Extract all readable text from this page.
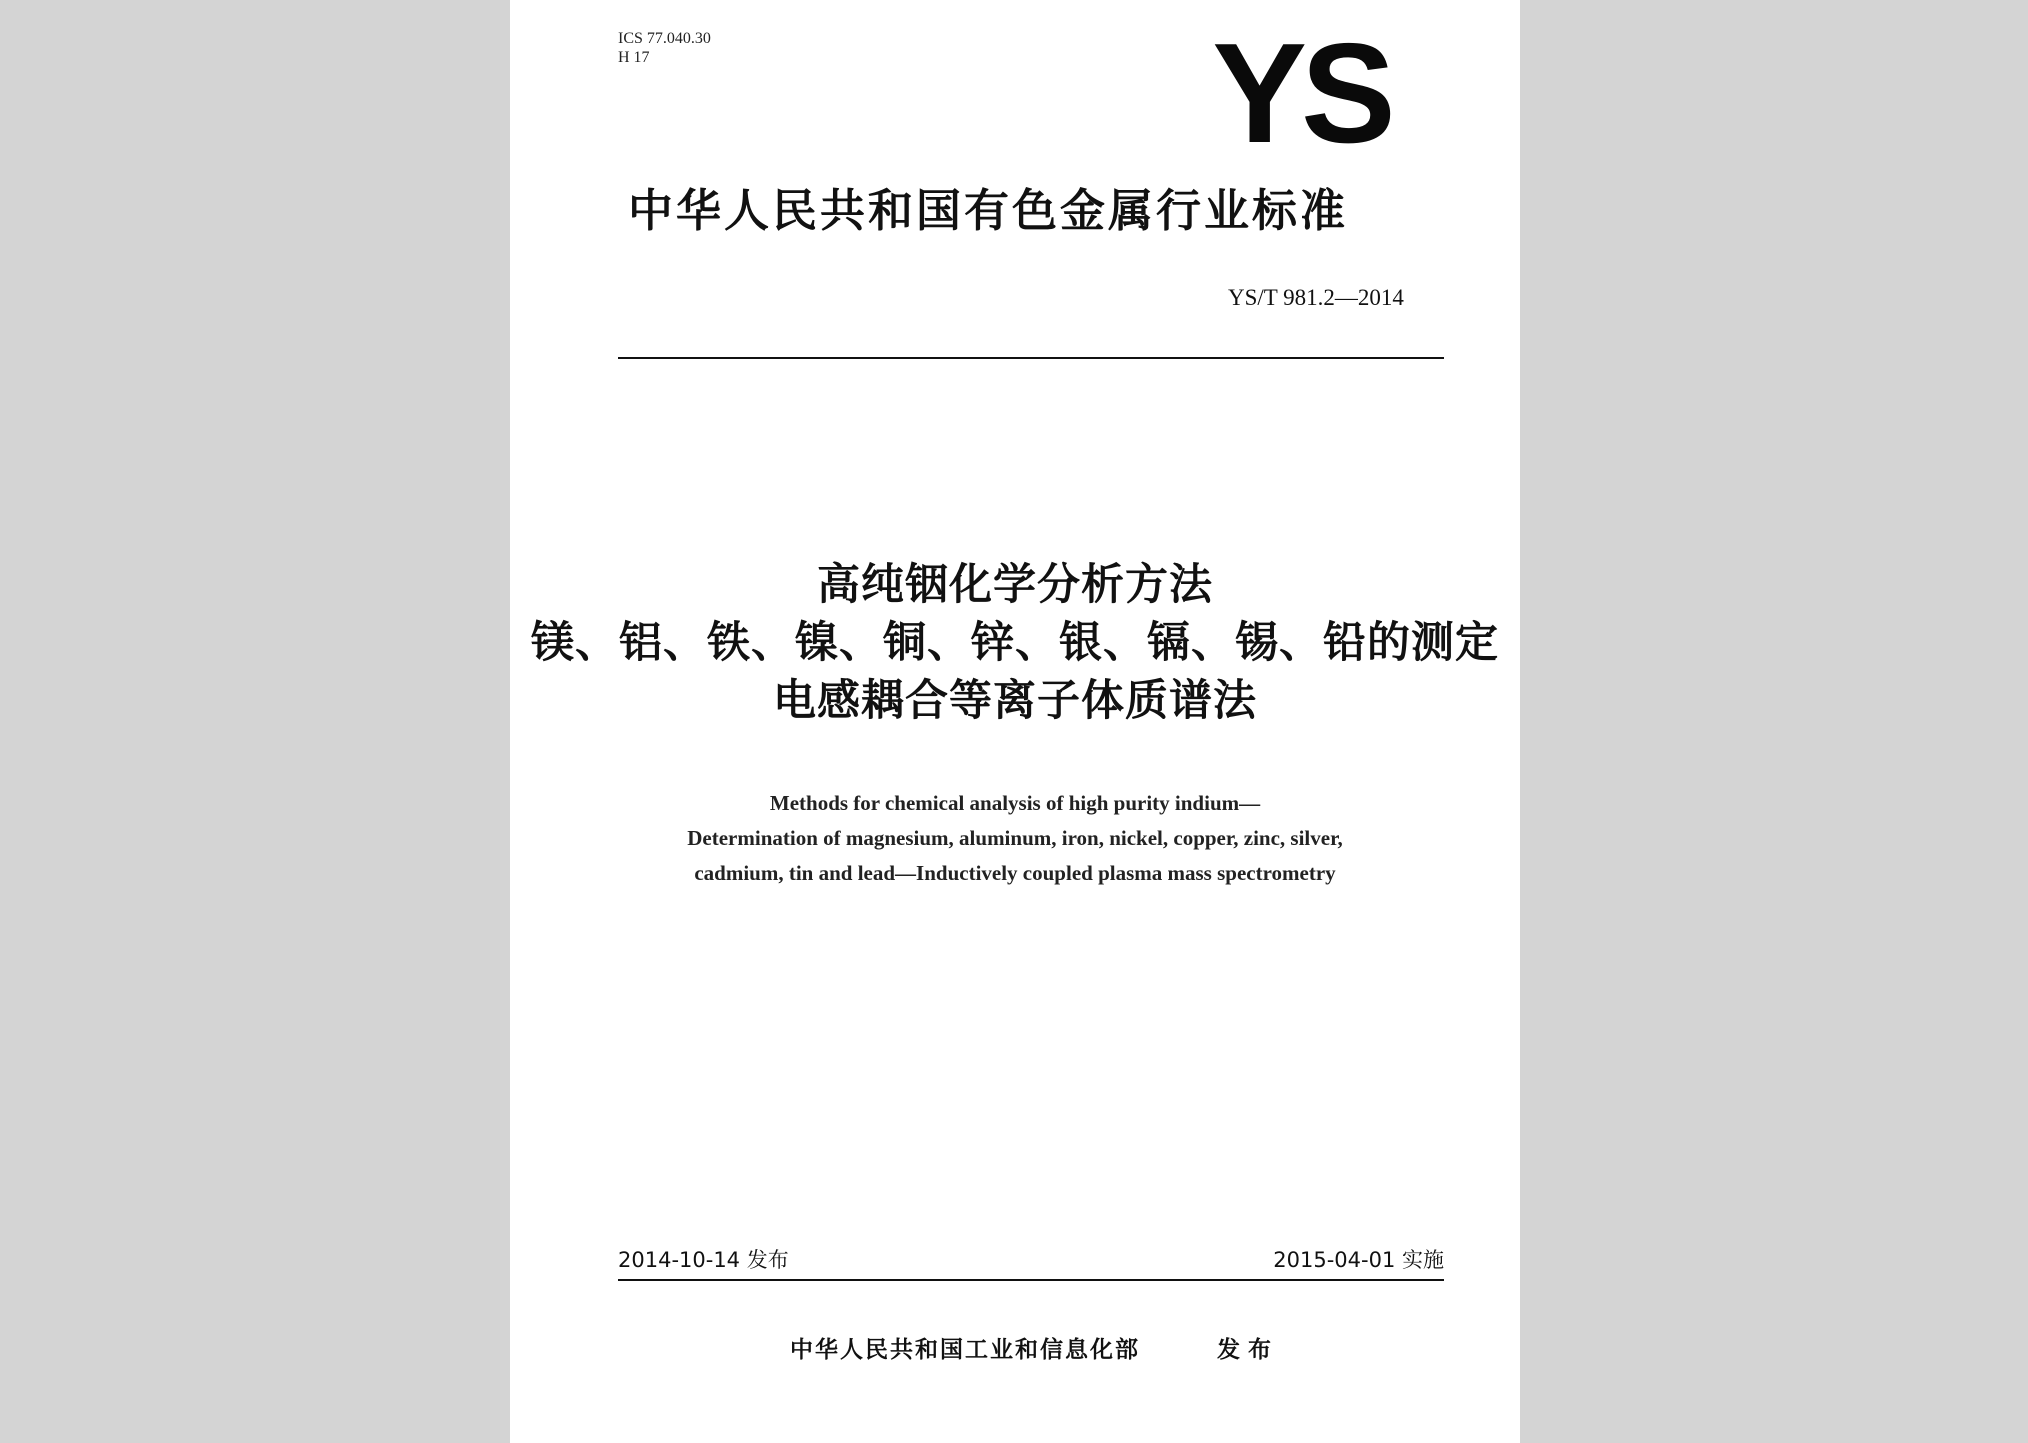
ICS 77.040.30
H 17	YS

中华人民共和国有色金属行业标准

YS/T 981.2—2014

高纯铟化学分析方法
镁、铝、铁、镍、铜、锌、银、镉、锡、铅的测定
电感耦合等离子体质谱法
Methods for chemical analysis of high purity indium—
Determination of magnesium, aluminum, iron, nickel, copper, zinc, silver,
cadmium, tin and lead—Inductively coupled plasma mass spectrometry

2014-10-14 发布	2015-04-01 实施

中华人民共和国工业和信息化部	发布
